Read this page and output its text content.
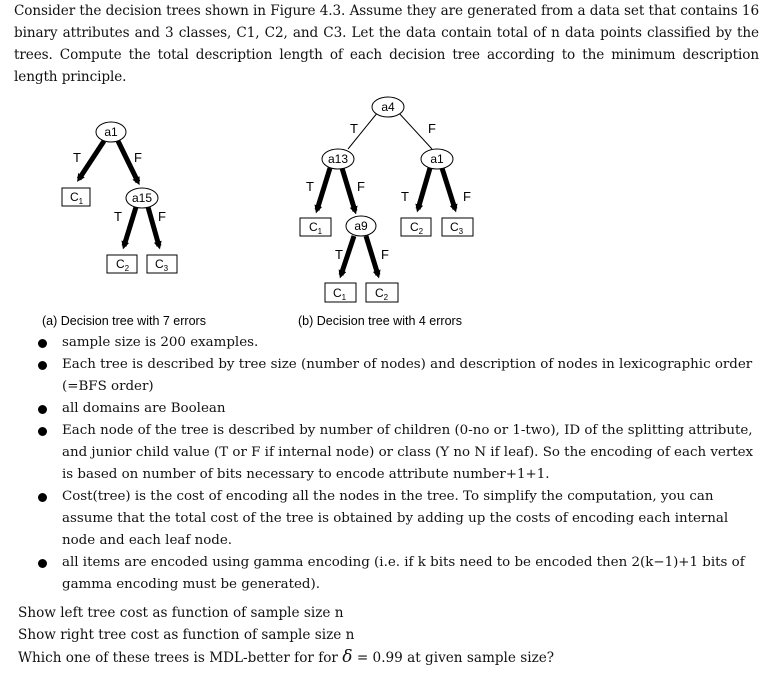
Consider the decision trees shown in Figure 4.3. Assume they are generated from a data set that contains 16 binary attributes and 3 classes, C1, C2, and C3. Let the data contain total of n data points classified by the trees. Compute the total description length of each decision tree according to the minimum description length principle.
a1
a15
$C_1$
$C_2$ $C_3$
T	F
T	F
(a) Decision tree with 7 errors
a4
a13	a1
a9
$C_1$	$C_2$ $C_3$
$C_1$ $C_2$
T	F
T	F
T	F
T	F
(b) Decision tree with 4 errors
sample size is 200 examples.
Each tree is described by tree size (number of nodes) and description of nodes in lexicographic order (=BFS order)
all domains are Boolean
Each node of the tree is described by number of children (0-no or 1-two), ID of the splitting attribute, and junior child value (T or F if internal node) or class (Y no N if leaf). So the encoding of each vertex is based on number of bits necessary to encode attribute number+1+1.
Cost(tree) is the cost of encoding all the nodes in the tree. To simplify the computation, you can assume that the total cost of the tree is obtained by adding up the costs of encoding each internal node and each leaf node.
all items are encoded using gamma encoding (i.e. if k bits need to be encoded then 2(k−1)+1 bits of gamma encoding must be generated).
Show left tree cost as function of sample size n
Show right tree cost as function of sample size n
Which one of these trees is MDL-better for for δ = 0.99 at given sample size?
